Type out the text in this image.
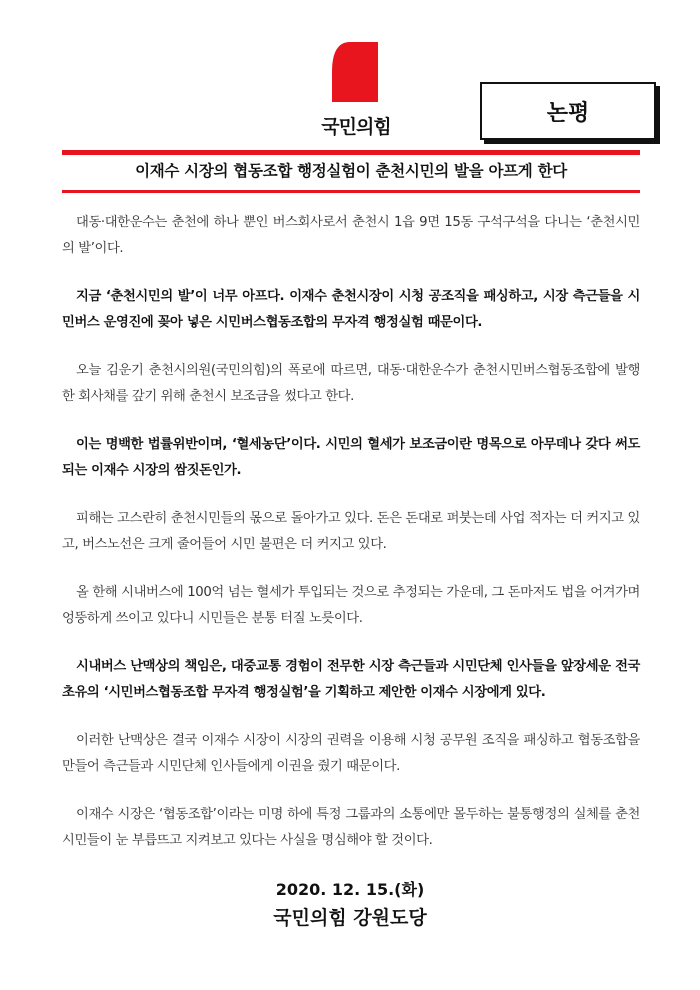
국민의힘
논평
이재수 시장의 협동조합 행정실험이 춘천시민의 발을 아프게 한다

대동·대한운수는 춘천에 하나 뿐인 버스회사로서 춘천시 1읍 9면 15동 구석구석을 다니는 ‘춘천시민의 발’이다.

지금 ‘춘천시민의 발’이 너무 아프다. 이재수 춘천시장이 시청 공조직을 패싱하고, 시장 측근들을 시민버스 운영진에 꽂아 넣은 시민버스협동조합의 무자격 행정실험 때문이다.

오늘 김운기 춘천시의원(국민의힘)의 폭로에 따르면, 대동·대한운수가 춘천시민버스협동조합에 발행한 회사채를 갚기 위해 춘천시 보조금을 썼다고 한다.

이는 명백한 법률위반이며, ‘혈세농단’이다. 시민의 혈세가 보조금이란 명목으로 아무데나 갖다 써도 되는 이재수 시장의 쌈짓돈인가.

피해는 고스란히 춘천시민들의 몫으로 돌아가고 있다. 돈은 돈대로 퍼붓는데 사업 적자는 더 커지고 있고, 버스노선은 크게 줄어들어 시민 불편은 더 커지고 있다.

올 한해 시내버스에 100억 넘는 혈세가 투입되는 것으로 추정되는 가운데, 그 돈마저도 법을 어겨가며 엉뚱하게 쓰이고 있다니 시민들은 분통 터질 노릇이다.

시내버스 난맥상의 책임은, 대중교통 경험이 전무한 시장 측근들과 시민단체 인사들을 앞장세운 전국 초유의 ‘시민버스협동조합 무자격 행정실험’을 기획하고 제안한 이재수 시장에게 있다.

이러한 난맥상은 결국 이재수 시장이 시장의 권력을 이용해 시청 공무원 조직을 패싱하고 협동조합을 만들어 측근들과 시민단체 인사들에게 이권을 줬기 때문이다.

이재수 시장은 ‘협동조합’이라는 미명 하에 특정 그룹과의 소통에만 몰두하는 불통행정의 실체를 춘천시민들이 눈 부릅뜨고 지켜보고 있다는 사실을 명심해야 할 것이다.

2020. 12. 15.(화)
국민의힘 강원도당
